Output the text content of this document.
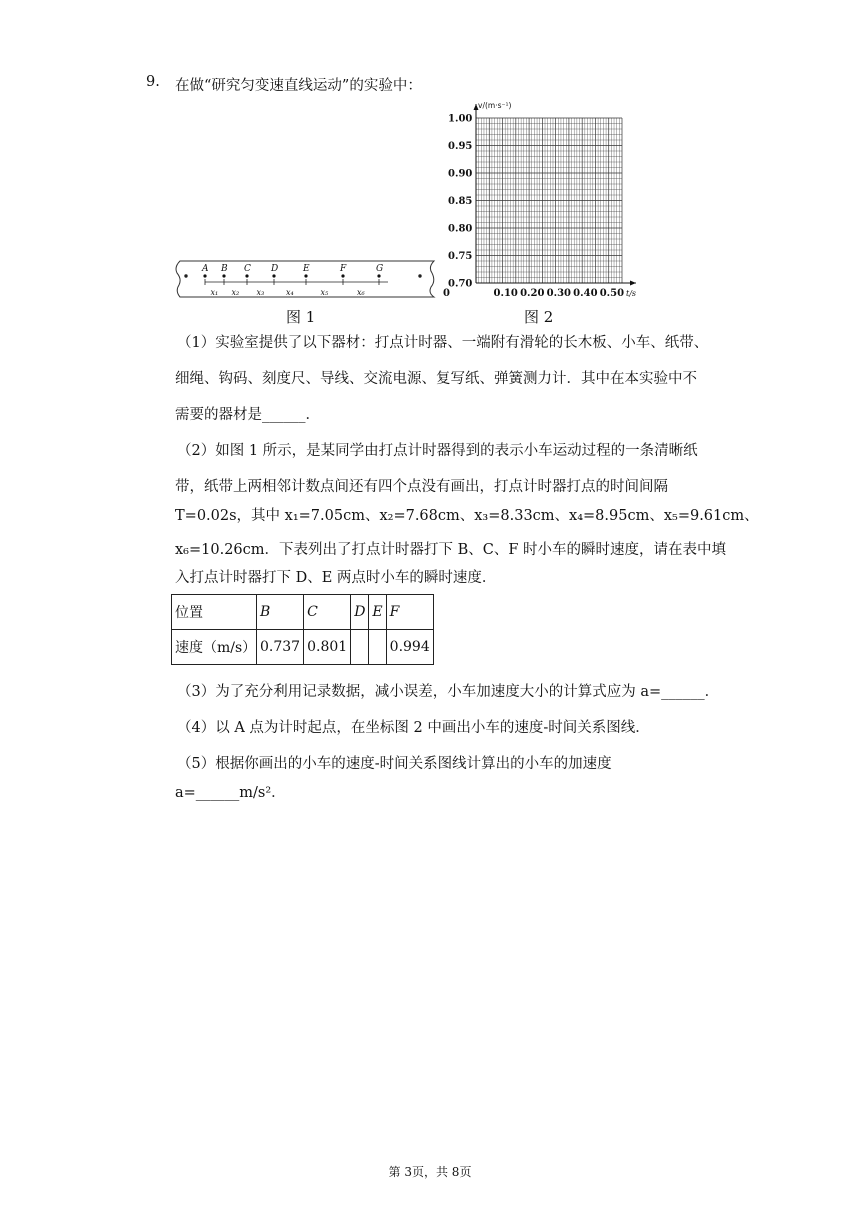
9. 在做“研究匀变速直线运动”的实验中：
A B C D	E	F	G
x₁ x₂ x₃	x₄	x₅	x₆
图 1
v/(m·s⁻¹)
t/s
1.00
0.95
0.90
0.85
0.80
0.75
0.70
0	0.10 0.20 0.30 0.40 0.50
图 2
（1）实验室提供了以下器材：打点计时器、一端附有滑轮的长木板、小车、纸带、
细绳、钩码、刻度尺、导线、交流电源、复写纸、弹簧测力计．其中在本实验中不
需要的器材是______．
（2）如图 1 所示，是某同学由打点计时器得到的表示小车运动过程的一条清晰纸
带，纸带上两相邻计数点间还有四个点没有画出，打点计时器打点的时间间隔
T=0.02s，其中 x₁=7.05cm、x₂=7.68cm、x₃=8.33cm、x₄=8.95cm、x₅=9.61cm、
x₆=10.26cm．下表列出了打点计时器打下 B、C、F 时小车的瞬时速度，请在表中填
入打点计时器打下 D、E 两点时小车的瞬时速度．
位置	B	C	D	E	F
速度（m/s）	0.737	0.801			0.994
（3）为了充分利用记录数据，减小误差，小车加速度大小的计算式应为 a=______．
（4）以 A 点为计时起点，在坐标图 2 中画出小车的速度-时间关系图线．
（5）根据你画出的小车的速度-时间关系图线计算出的小车的加速度
a=______m/s²．
第 3页，共 8页
